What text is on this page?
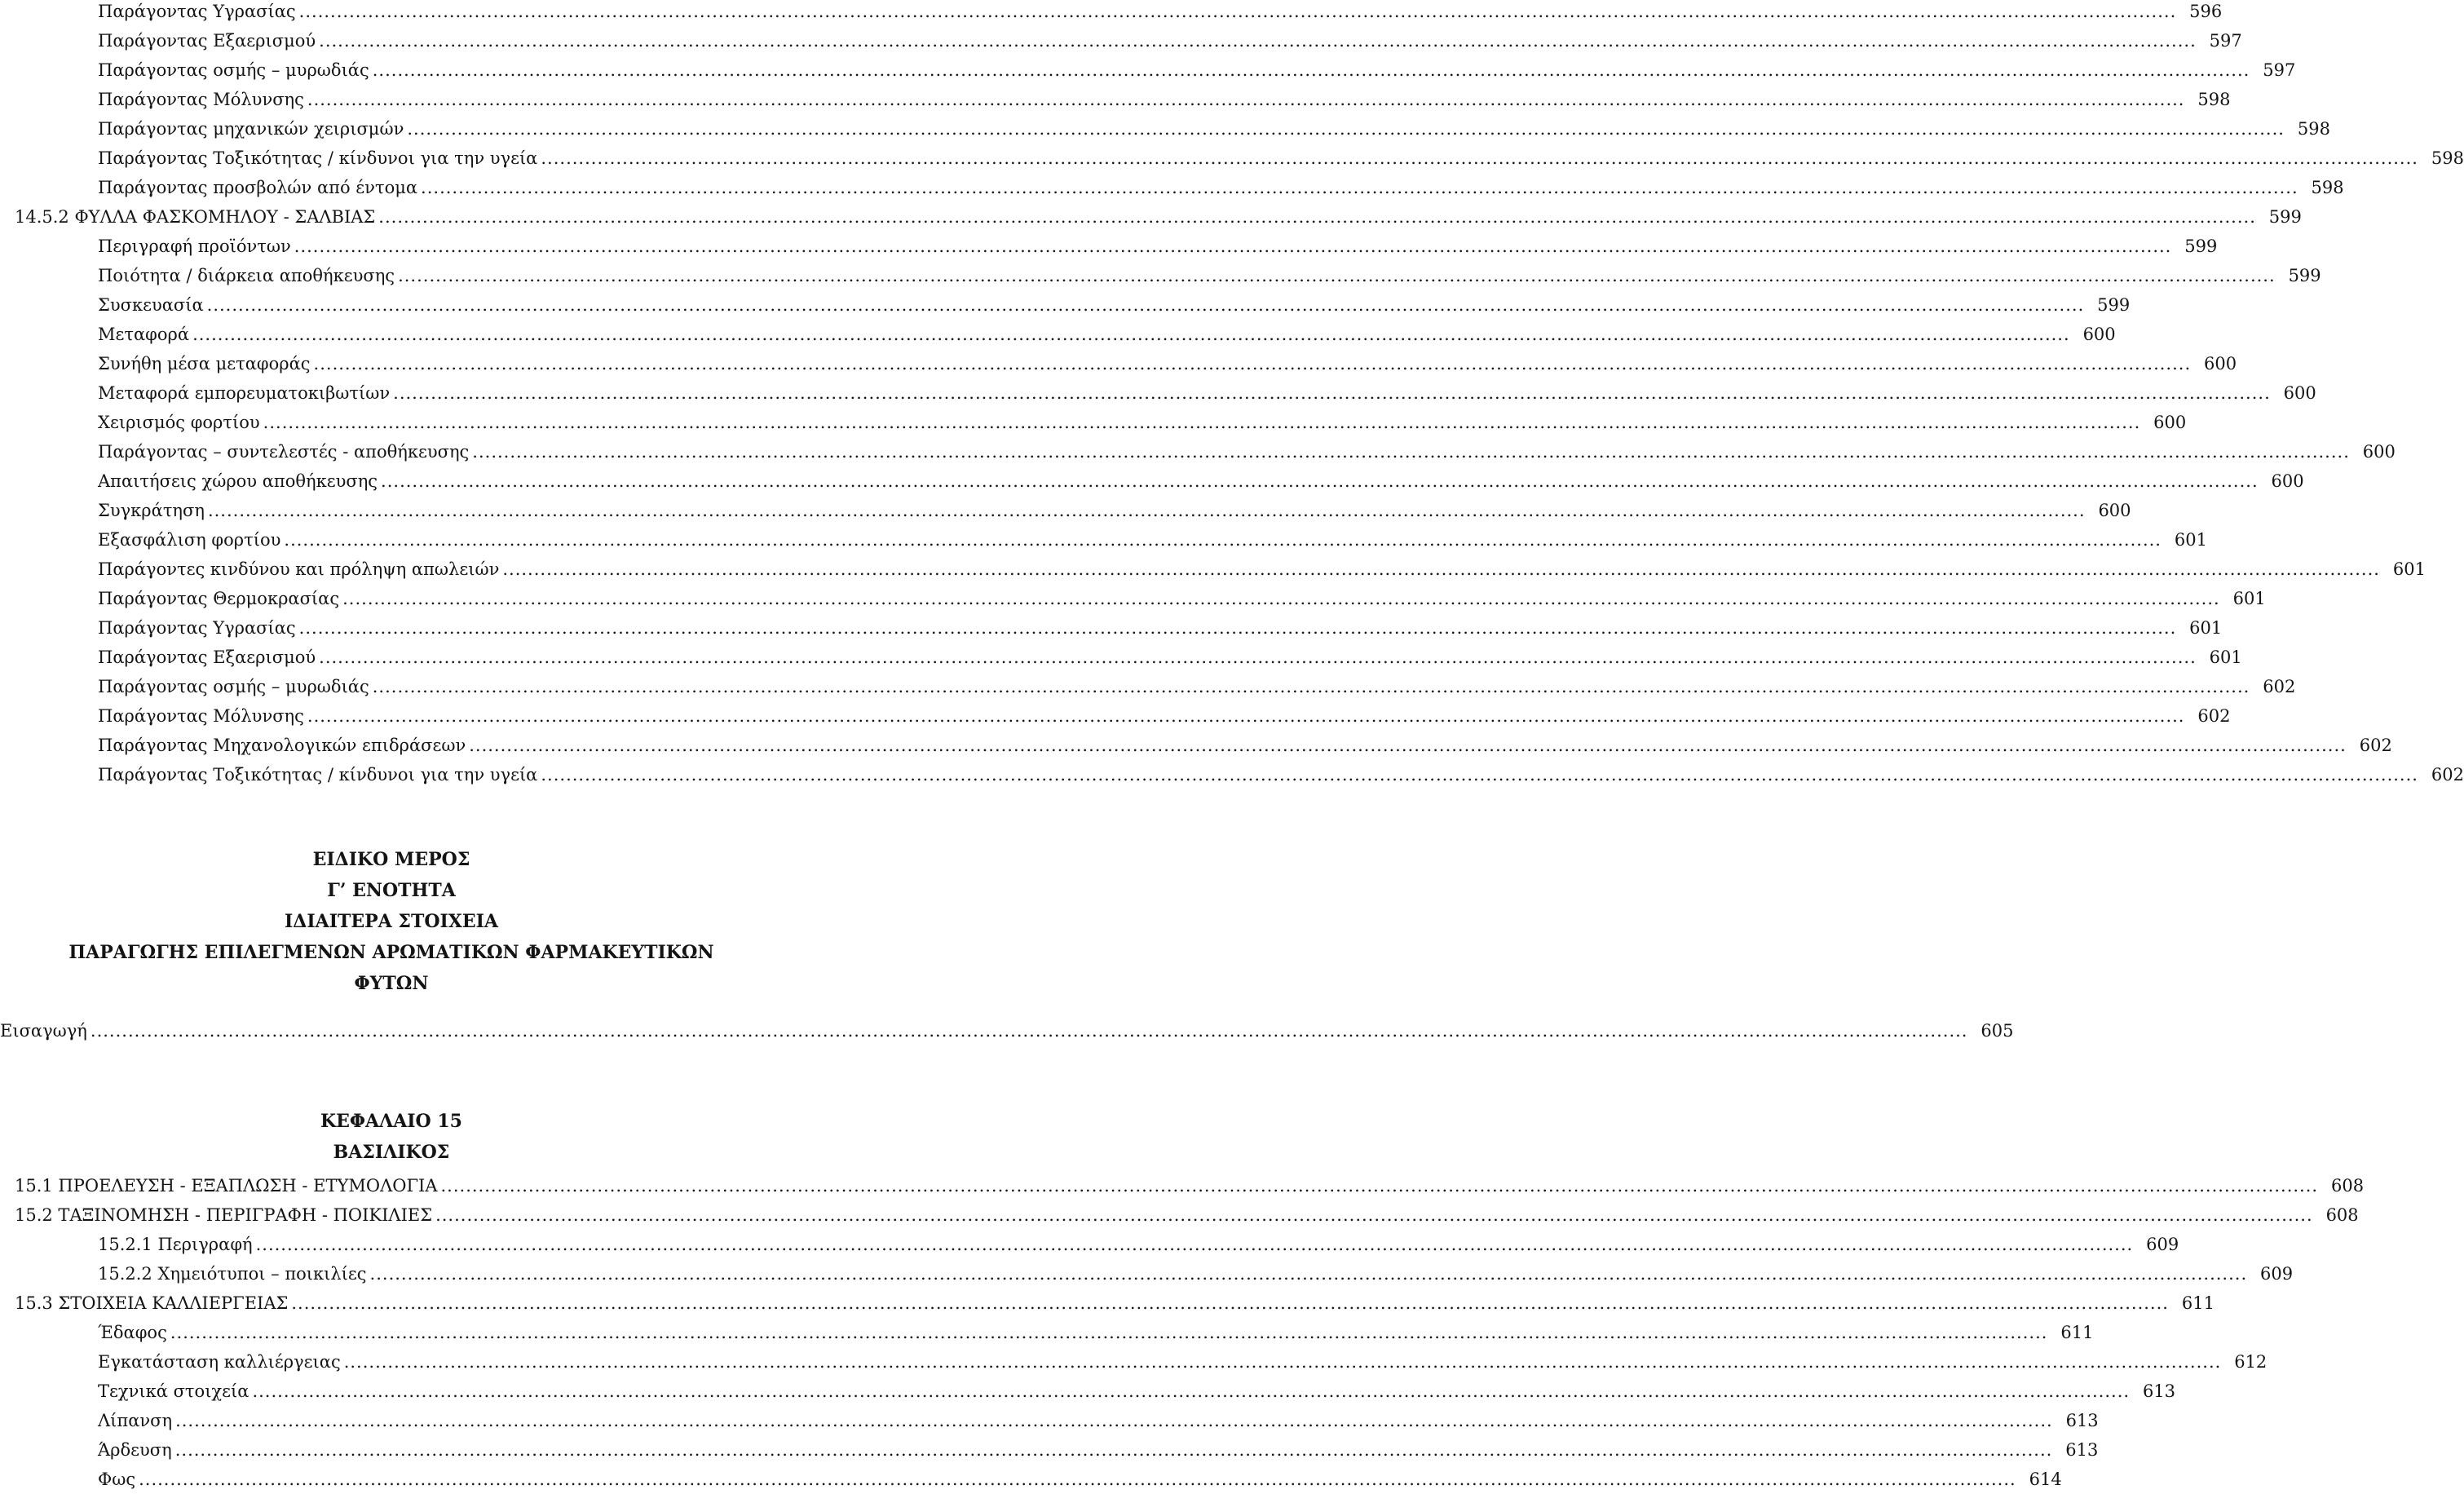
Παράγοντας Υγρασίας ............................................................................................................................................................................................................................................................................................................ 596
Παράγοντας Εξαερισμού ............................................................................................................................................................................................................................................................................................................ 597
Παράγοντας οσμής – μυρωδιάς ............................................................................................................................................................................................................................................................................................................ 597
Παράγοντας Μόλυνσης ............................................................................................................................................................................................................................................................................................................ 598
Παράγοντας μηχανικών χειρισμών ............................................................................................................................................................................................................................................................................................................ 598
Παράγοντας Τοξικότητας / κίνδυνοι για την υγεία ............................................................................................................................................................................................................................................................................................................ 598
Παράγοντας προσβολών από έντομα ............................................................................................................................................................................................................................................................................................................ 598
14.5.2 ΦΥΛΛΑ ΦΑΣΚΟΜΗΛΟΥ - ΣΑΛΒΙΑΣ ............................................................................................................................................................................................................................................................................................................ 599
Περιγραφή προϊόντων ............................................................................................................................................................................................................................................................................................................ 599
Ποιότητα / διάρκεια αποθήκευσης ............................................................................................................................................................................................................................................................................................................ 599
Συσκευασία ............................................................................................................................................................................................................................................................................................................ 599
Μεταφορά ............................................................................................................................................................................................................................................................................................................ 600
Συνήθη μέσα μεταφοράς ............................................................................................................................................................................................................................................................................................................ 600
Μεταφορά εμπορευματοκιβωτίων ............................................................................................................................................................................................................................................................................................................ 600
Χειρισμός φορτίου ............................................................................................................................................................................................................................................................................................................ 600
Παράγοντας – συντελεστές - αποθήκευσης ............................................................................................................................................................................................................................................................................................................ 600
Απαιτήσεις χώρου αποθήκευσης ............................................................................................................................................................................................................................................................................................................ 600
Συγκράτηση ............................................................................................................................................................................................................................................................................................................ 600
Εξασφάλιση φορτίου ............................................................................................................................................................................................................................................................................................................ 601
Παράγοντες κινδύνου και πρόληψη απωλειών ............................................................................................................................................................................................................................................................................................................ 601
Παράγοντας Θερμοκρασίας ............................................................................................................................................................................................................................................................................................................ 601
Παράγοντας Υγρασίας ............................................................................................................................................................................................................................................................................................................ 601
Παράγοντας Εξαερισμού ............................................................................................................................................................................................................................................................................................................ 601
Παράγοντας οσμής – μυρωδιάς ............................................................................................................................................................................................................................................................................................................ 602
Παράγοντας Μόλυνσης ............................................................................................................................................................................................................................................................................................................ 602
Παράγοντας Μηχανολογικών επιδράσεων ............................................................................................................................................................................................................................................................................................................ 602
Παράγοντας Τοξικότητας / κίνδυνοι για την υγεία ............................................................................................................................................................................................................................................................................................................ 602
ΕΙΔΙΚΟ ΜΕΡΟΣ
Γ’ ΕΝΟΤΗΤΑ
ΙΔΙΑΙΤΕΡΑ ΣΤΟΙΧΕΙΑ
ΠΑΡΑΓΩΓΗΣ ΕΠΙΛΕΓΜΕΝΩΝ ΑΡΩΜΑΤΙΚΩΝ ΦΑΡΜΑΚΕΥΤΙΚΩΝ
ΦΥΤΩΝ
Εισαγωγή ............................................................................................................................................................................................................................................................................................................ 605
ΚΕΦΑΛΑΙΟ 15
ΒΑΣΙΛΙΚΟΣ
15.1 ΠΡΟΕΛΕΥΣΗ - ΕΞΑΠΛΩΣΗ - ΕΤΥΜΟΛΟΓΙΑ ............................................................................................................................................................................................................................................................................................................ 608
15.2 ΤΑΞΙΝΟΜΗΣΗ - ΠΕΡΙΓΡΑΦΗ - ΠΟΙΚΙΛΙΕΣ ............................................................................................................................................................................................................................................................................................................ 608
15.2.1 Περιγραφή ............................................................................................................................................................................................................................................................................................................ 609
15.2.2 Χημειότυποι – ποικιλίες ............................................................................................................................................................................................................................................................................................................ 609
15.3 ΣΤΟΙΧΕΙΑ ΚΑΛΛΙΕΡΓΕΙΑΣ ............................................................................................................................................................................................................................................................................................................ 611
Έδαφος ............................................................................................................................................................................................................................................................................................................ 611
Εγκατάσταση καλλιέργειας ............................................................................................................................................................................................................................................................................................................ 612
Τεχνικά στοιχεία ............................................................................................................................................................................................................................................................................................................ 613
Λίπανση ............................................................................................................................................................................................................................................................................................................ 613
Άρδευση ............................................................................................................................................................................................................................................................................................................ 613
Φως ............................................................................................................................................................................................................................................................................................................ 614
